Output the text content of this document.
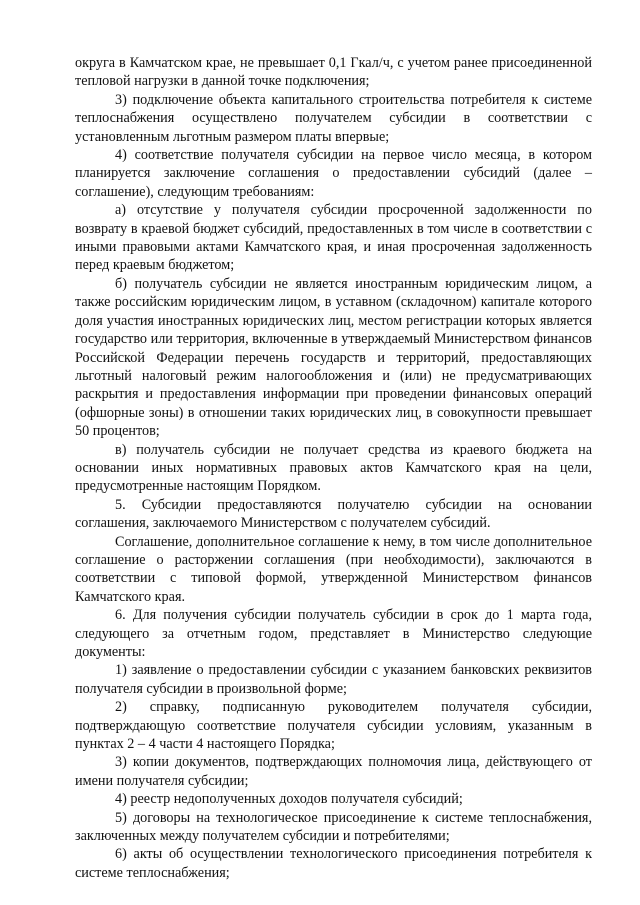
округа в Камчатском крае, не превышает 0,1 Гкал/ч, с учетом ранее присоединенной тепловой нагрузки в данной точке подключения;

3) подключение объекта капитального строительства потребителя к системе теплоснабжения осуществлено получателем субсидии в соответствии с установленным льготным размером платы впервые;

4) соответствие получателя субсидии на первое число месяца, в котором планируется заключение соглашения о предоставлении субсидий (далее – соглашение), следующим требованиям:

а) отсутствие у получателя субсидии просроченной задолженности по возврату в краевой бюджет субсидий, предоставленных в том числе в соответствии с иными правовыми актами Камчатского края, и иная просроченная задолженность перед краевым бюджетом;

б) получатель субсидии не является иностранным юридическим лицом, а также российским юридическим лицом, в уставном (складочном) капитале которого доля участия иностранных юридических лиц, местом регистрации которых является государство или территория, включенные в утверждаемый Министерством финансов Российской Федерации перечень государств и территорий, предоставляющих льготный налоговый режим налогообложения и (или) не предусматривающих раскрытия и предоставления информации при проведении финансовых операций (офшорные зоны) в отношении таких юридических лиц, в совокупности превышает 50 процентов;

в) получатель субсидии не получает средства из краевого бюджета на основании иных нормативных правовых актов Камчатского края на цели, предусмотренные настоящим Порядком.

5. Субсидии предоставляются получателю субсидии на основании соглашения, заключаемого Министерством с получателем субсидий.

Соглашение, дополнительное соглашение к нему, в том числе дополнительное соглашение о расторжении соглашения (при необходимости), заключаются в соответствии с типовой формой, утвержденной Министерством финансов Камчатского края.

6. Для получения субсидии получатель субсидии в срок до 1 марта года, следующего за отчетным годом, представляет в Министерство следующие документы:

1) заявление о предоставлении субсидии с указанием банковских реквизитов получателя субсидии в произвольной форме;

2) справку, подписанную руководителем получателя субсидии, подтверждающую соответствие получателя субсидии условиям, указанным в пунктах 2 – 4 части 4 настоящего Порядка;

3) копии документов, подтверждающих полномочия лица, действующего от имени получателя субсидии;

4) реестр недополученных доходов получателя субсидий;

5) договоры на технологическое присоединение к системе теплоснабжения, заключенных между получателем субсидии и потребителями;

6) акты об осуществлении технологического присоединения потребителя к системе теплоснабжения;
